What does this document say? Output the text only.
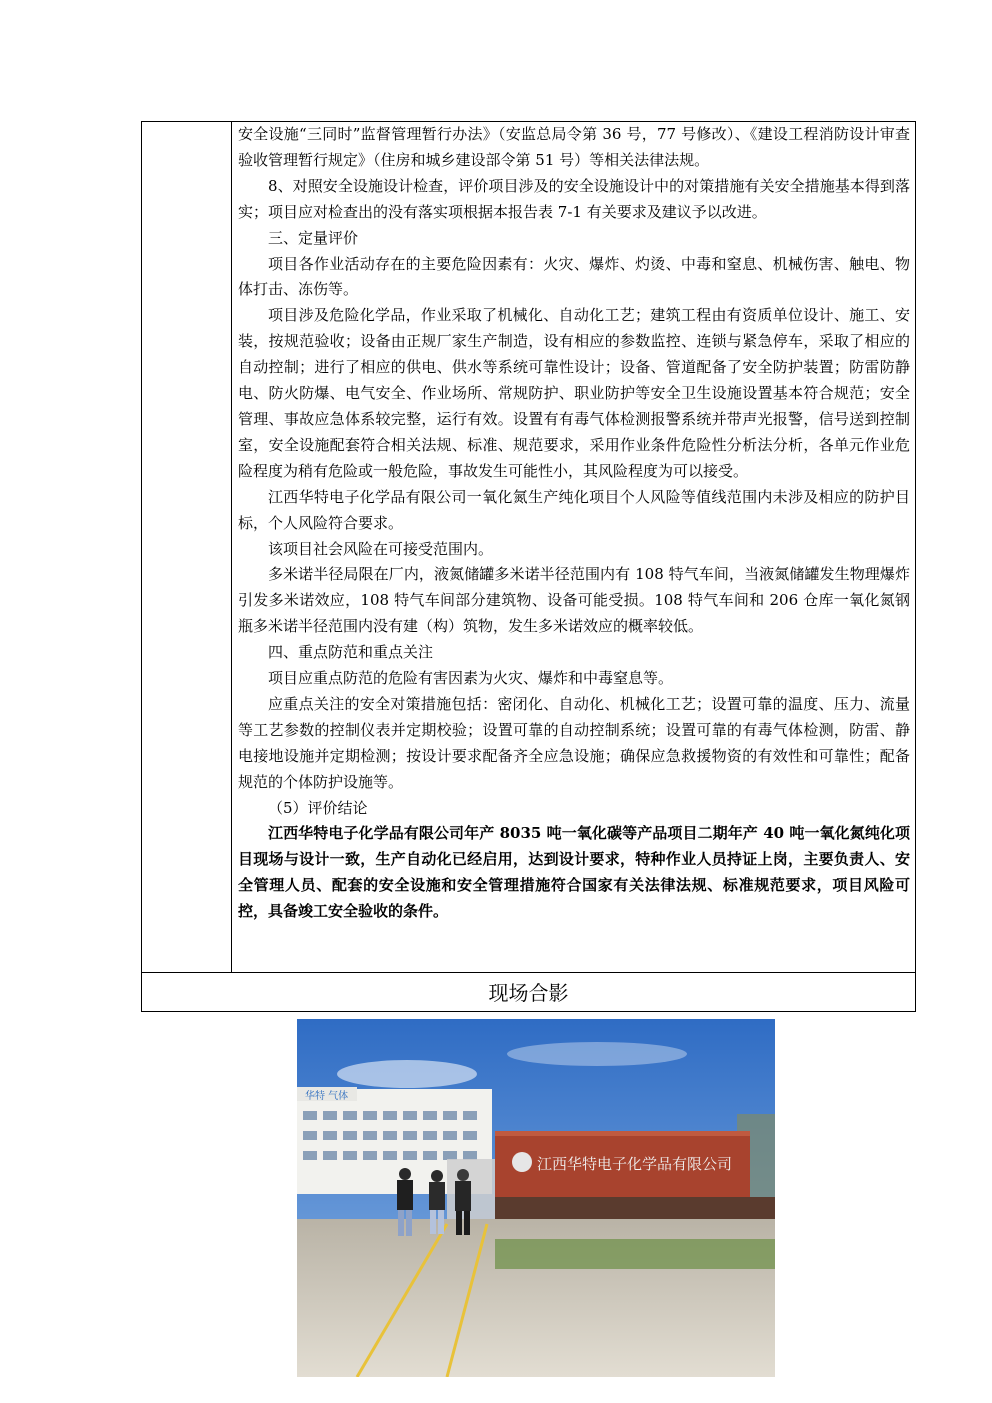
安全设施“三同时”监督管理暂行办法》（安监总局令第 36 号，77 号修改）、《建设工程消防设计审查验收管理暂行规定》（住房和城乡建设部令第 51 号）等相关法律法规。

8、对照安全设施设计检查，评价项目涉及的安全设施设计中的对策措施有关安全措施基本得到落实；项目应对检查出的没有落实项根据本报告表 7-1 有关要求及建议予以改进。

三、定量评价

项目各作业活动存在的主要危险因素有：火灾、爆炸、灼烫、中毒和窒息、机械伤害、触电、物体打击、冻伤等。

项目涉及危险化学品，作业采取了机械化、自动化工艺；建筑工程由有资质单位设计、施工、安装，按规范验收；设备由正规厂家生产制造，设有相应的参数监控、连锁与紧急停车，采取了相应的自动控制；进行了相应的供电、供水等系统可靠性设计；设备、管道配备了安全防护装置；防雷防静电、防火防爆、电气安全、作业场所、常规防护、职业防护等安全卫生设施设置基本符合规范；安全管理、事故应急体系较完整，运行有效。设置有有毒气体检测报警系统并带声光报警，信号送到控制室，安全设施配套符合相关法规、标准、规范要求，采用作业条件危险性分析法分析，各单元作业危险程度为稍有危险或一般危险，事故发生可能性小，其风险程度为可以接受。

江西华特电子化学品有限公司一氧化氮生产纯化项目个人风险等值线范围内未涉及相应的防护目标，个人风险符合要求。

该项目社会风险在可接受范围内。

多米诺半径局限在厂内，液氮储罐多米诺半径范围内有 108 特气车间，当液氮储罐发生物理爆炸引发多米诺效应，108 特气车间部分建筑物、设备可能受损。108 特气车间和 206 仓库一氧化氮钢瓶多米诺半径范围内没有建（构）筑物，发生多米诺效应的概率较低。

四、重点防范和重点关注

项目应重点防范的危险有害因素为火灾、爆炸和中毒窒息等。

应重点关注的安全对策措施包括：密闭化、自动化、机械化工艺；设置可靠的温度、压力、流量等工艺参数的控制仪表并定期校验；设置可靠的自动控制系统；设置可靠的有毒气体检测，防雷、静电接地设施并定期检测；按设计要求配备齐全应急设施；确保应急救援物资的有效性和可靠性；配备规范的个体防护设施等。

（5）评价结论

江西华特电子化学品有限公司年产 8035 吨一氧化碳等产品项目二期年产 40 吨一氧化氮纯化项目现场与设计一致，生产自动化已经启用，达到设计要求，特种作业人员持证上岗，主要负责人、安全管理人员、配套的安全设施和安全管理措施符合国家有关法律法规、标准规范要求，项目风险可控，具备竣工安全验收的条件。

现场合影
华特 气体
江西华特电子化学品有限公司
